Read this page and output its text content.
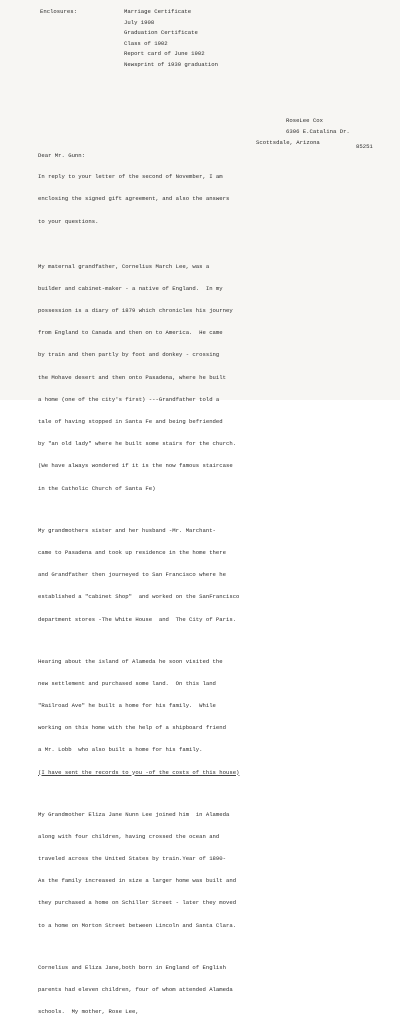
Enclosures:	Marriage Certificate
July 1908
Graduation Certificate
Class of 1902
Report card of June 1902
Newsprint of 1930 graduation
RoseLee Cox
6306 E.Catalina Dr.
Scottsdale, Arizona
85251

Dear Mr. Gunn:

In reply to your letter of the second of November, I am

enclosing the signed gift agreement, and also the answers

to your questions.

My maternal grandfather, Cornelius March Lee, was a

builder and cabinet-maker - a native of England.  In my

possession is a diary of 1879 which chronicles his journey

from England to Canada and then on to America.  He came

by train and then partly by foot and donkey - crossing

the Mohave desert and then onto Pasadena, where he built

a home (one of the city's first) ---Grandfather told a

tale of having stopped in Santa Fe and being befriended

by "an old lady" where he built some stairs for the church.

(We have always wondered if it is the now famous staircase

in the Catholic Church of Santa Fe)

My grandmothers sister and her husband -Mr. Marchant-

came to Pasadena and took up residence in the home there

and Grandfather then journeyed to San Francisco where he

established a "cabinet Shop"  and worked on the SanFrancisco

department stores -The White House  and  The City of Paris.

Hearing about the island of Alameda he soon visited the

new settlement and purchased some land.  On this land

"Railroad Ave" he built a home for his family.  While

working on this home with the help of a shipboard friend

a Mr. Lobb  who also built a home for his family.

(I have sent the records to you -of the costs of this house)

My Grandmother Eliza Jane Nunn Lee joined him  in Alameda

along with four children, having crossed the ocean and

traveled across the United States by train.Year of 1890-

As the family increased in size a larger home was built and

they purchased a home on Schiller Street - later they moved

to a home on Morton Street between Lincoln and Santa Clara.

Cornelius and Eliza Jane,both born in England of English

parents had eleven children, four of whom attended Alameda

schools.  My mother, Rose Lee,
